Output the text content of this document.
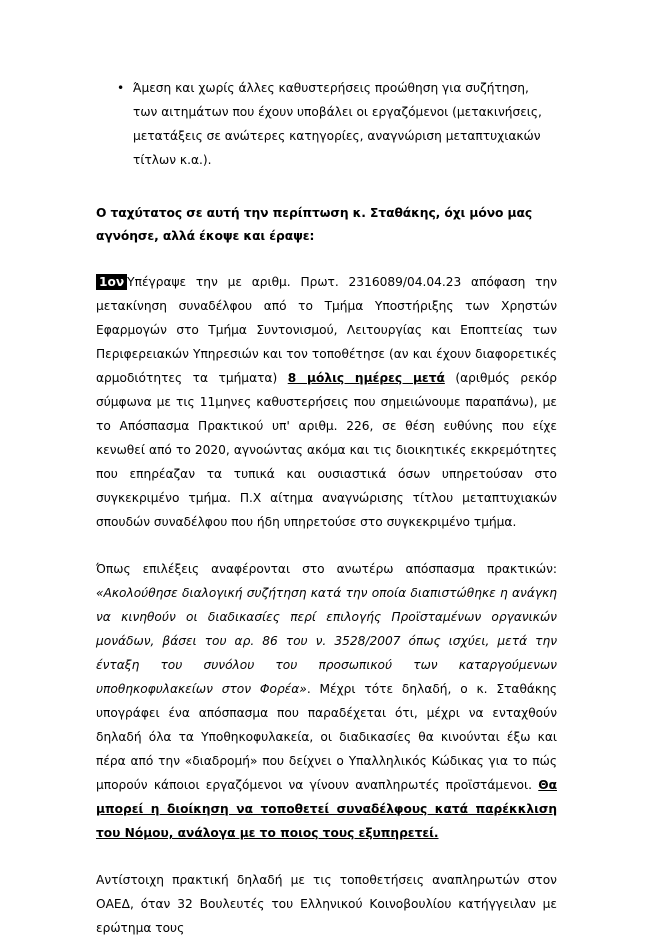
• Άμεση και χωρίς άλλες καθυστερήσεις προώθηση για συζήτηση, των αιτημάτων που έχουν υποβάλει οι εργαζόμενοι (μετακινήσεις, μετατάξεις σε ανώτερες κατηγορίες, αναγνώριση μεταπτυχιακών τίτλων κ.α.).

Ο ταχύτατος σε αυτή την περίπτωση κ. Σταθάκης, όχι μόνο μας αγνόησε, αλλά έκοψε και έραψε:

1ον Υπέγραψε την με αριθμ. Πρωτ. 2316089/04.04.23 απόφαση την μετακίνηση συναδέλφου από το Τμήμα Υποστήριξης των Χρηστών Εφαρμογών στο Τμήμα Συντονισμού, Λειτουργίας και Εποπτείας των Περιφερειακών Υπηρεσιών και τον τοποθέτησε (αν και έχουν διαφορετικές αρμοδιότητες τα τμήματα) 8 μόλις ημέρες μετά (αριθμός ρεκόρ σύμφωνα με τις 11μηνες καθυστερήσεις που σημειώνουμε παραπάνω), με το Απόσπασμα Πρακτικού υπ' αριθμ. 226, σε θέση ευθύνης που είχε κενωθεί από το 2020, αγνοώντας ακόμα και τις διοικητικές εκκρεμότητες που επηρέαζαν τα τυπικά και ουσιαστικά όσων υπηρετούσαν στο συγκεκριμένο τμήμα. Π.Χ αίτημα αναγνώρισης τίτλου μεταπτυχιακών σπουδών συναδέλφου που ήδη υπηρετούσε στο συγκεκριμένο τμήμα.

Όπως επιλέξεις αναφέρονται στο ανωτέρω απόσπασμα πρακτικών: «Ακολούθησε διαλογική συζήτηση κατά την οποία διαπιστώθηκε η ανάγκη να κινηθούν οι διαδικασίες περί επιλογής Προϊσταμένων οργανικών μονάδων, βάσει του αρ. 86 του ν. 3528/2007 όπως ισχύει, μετά την ένταξη του συνόλου του προσωπικού των καταργούμενων υποθηκοφυλακείων στον Φορέα». Μέχρι τότε δηλαδή, ο κ. Σταθάκης υπογράφει ένα απόσπασμα που παραδέχεται ότι, μέχρι να ενταχθούν δηλαδή όλα τα Υποθηκοφυλακεία, οι διαδικασίες θα κινούνται έξω και πέρα από την «διαδρομή» που δείχνει ο Υπαλληλικός Κώδικας για το πώς μπορούν κάποιοι εργαζόμενοι να γίνουν αναπληρωτές προϊστάμενοι. Θα μπορεί η διοίκηση να τοποθετεί συναδέλφους κατά παρέκκλιση του Νόμου, ανάλογα με το ποιος τους εξυπηρετεί.

Αντίστοιχη πρακτική δηλαδή με τις τοποθετήσεις αναπληρωτών στον ΟΑΕΔ, όταν 32 Βουλευτές του Ελληνικού Κοινοβουλίου κατήγγειλαν με ερώτημα τους
